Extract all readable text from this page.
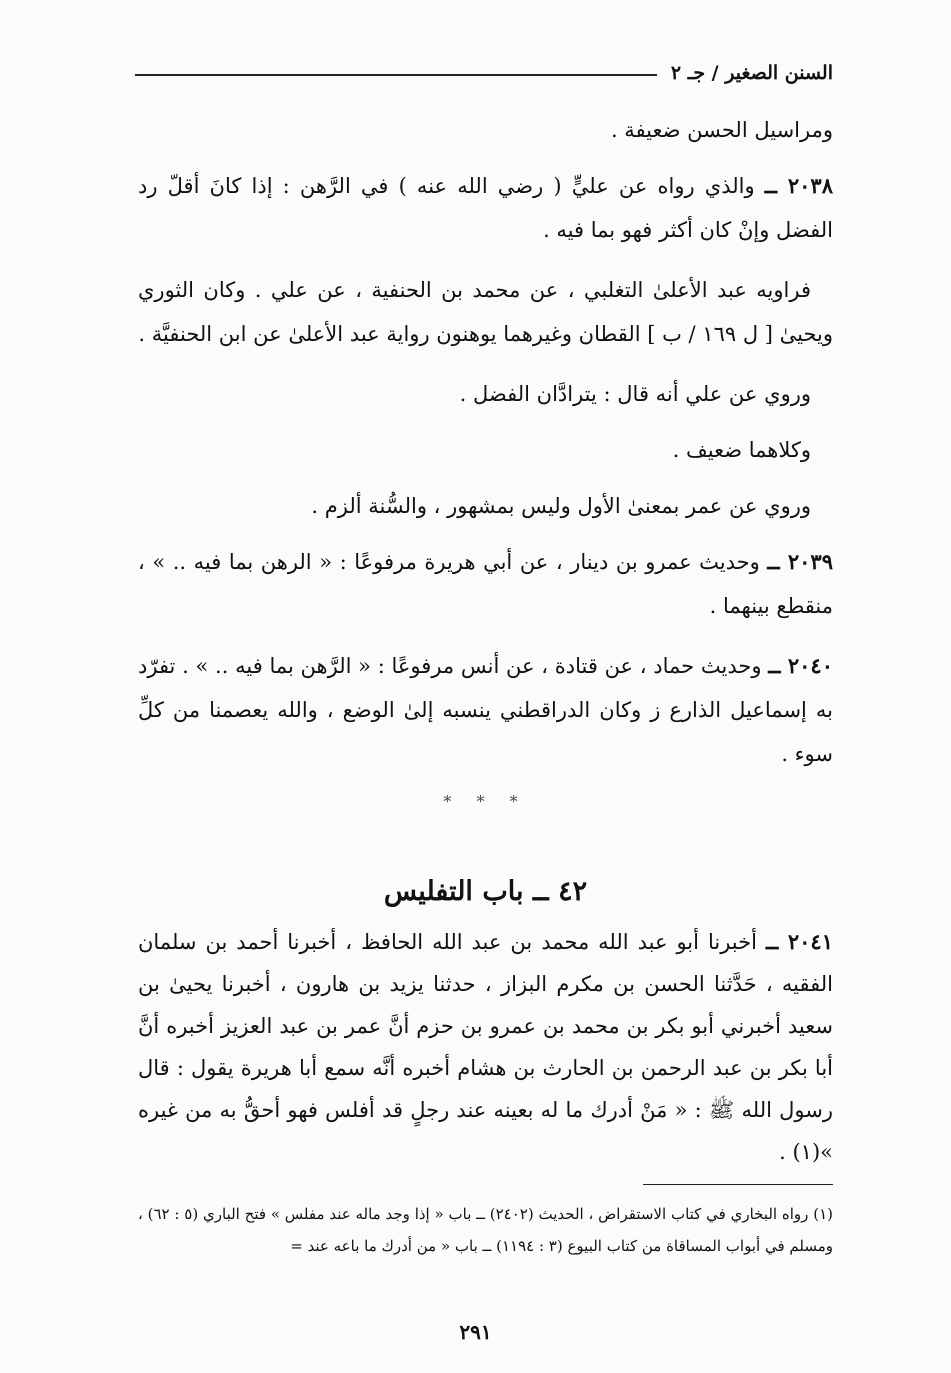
السنن الصغير / جـ ٢

ومراسيل الحسن ضعيفة .

٢٠٣٨ ــ والذي رواه عن عليٍّ ( رضي الله عنه ) في الرَّهن : إذا كانَ أقلّ رد الفضل وإنْ كان أكثر فهو بما فيه .

فراويه عبد الأعلىٰ التغلبي ، عن محمد بن الحنفية ، عن علي . وكان الثوري ويحيىٰ [ ل ١٦٩ / ب ] القطان وغيرهما يوهنون رواية عبد الأعلىٰ عن ابن الحنفيَّة .

وروي عن علي أنه قال : يترادَّان الفضل .

وكلاهما ضعيف .

وروي عن عمر بمعنىٰ الأول وليس بمشهور ، والسُّنة ألزم .

٢٠٣٩ ــ وحديث عمرو بن دينار ، عن أبي هريرة مرفوعًا : « الرهن بما فيه .. » ، منقطع بينهما .

٢٠٤٠ ــ وحديث حماد ، عن قتادة ، عن أنس مرفوعًا : « الرَّهن بما فيه .. » . تفرّد به إسماعيل الذارع ز وكان الدراقطني ينسبه إلىٰ الوضع ، والله يعصمنا من كلِّ سوء .

* * *
٤٢ ــ باب التفليس

٢٠٤١ ــ أخبرنا أبو عبد الله محمد بن عبد الله الحافظ ، أخبرنا أحمد بن سلمان الفقيه ، حَدَّثنا الحسن بن مكرم البزاز ، حدثنا يزيد بن هارون ، أخبرنا يحيىٰ بن سعيد أخبرني أبو بكر بن محمد بن عمرو بن حزم أنَّ عمر بن عبد العزيز أخبره أنَّ أبا بكر بن عبد الرحمن بن الحارث بن هشام أخبره أنَّه سمع أبا هريرة يقول : قال رسول الله ﷺ : « مَنْ أدرك ما له بعينه عند رجلٍ قد أفلس فهو أحقُّ به من غيره »(١) .

(١) رواه البخاري في كتاب الاستقراض ، الحديث (٢٤٠٢) ــ باب « إذا وجد ماله عند مفلس » فتح الباري (٥ : ٦٢) ، ومسلم في أبواب المساقاة من كتاب البيوع (٣ : ١١٩٤) ــ باب « من أدرك ما باعه عند =
٢٩١
